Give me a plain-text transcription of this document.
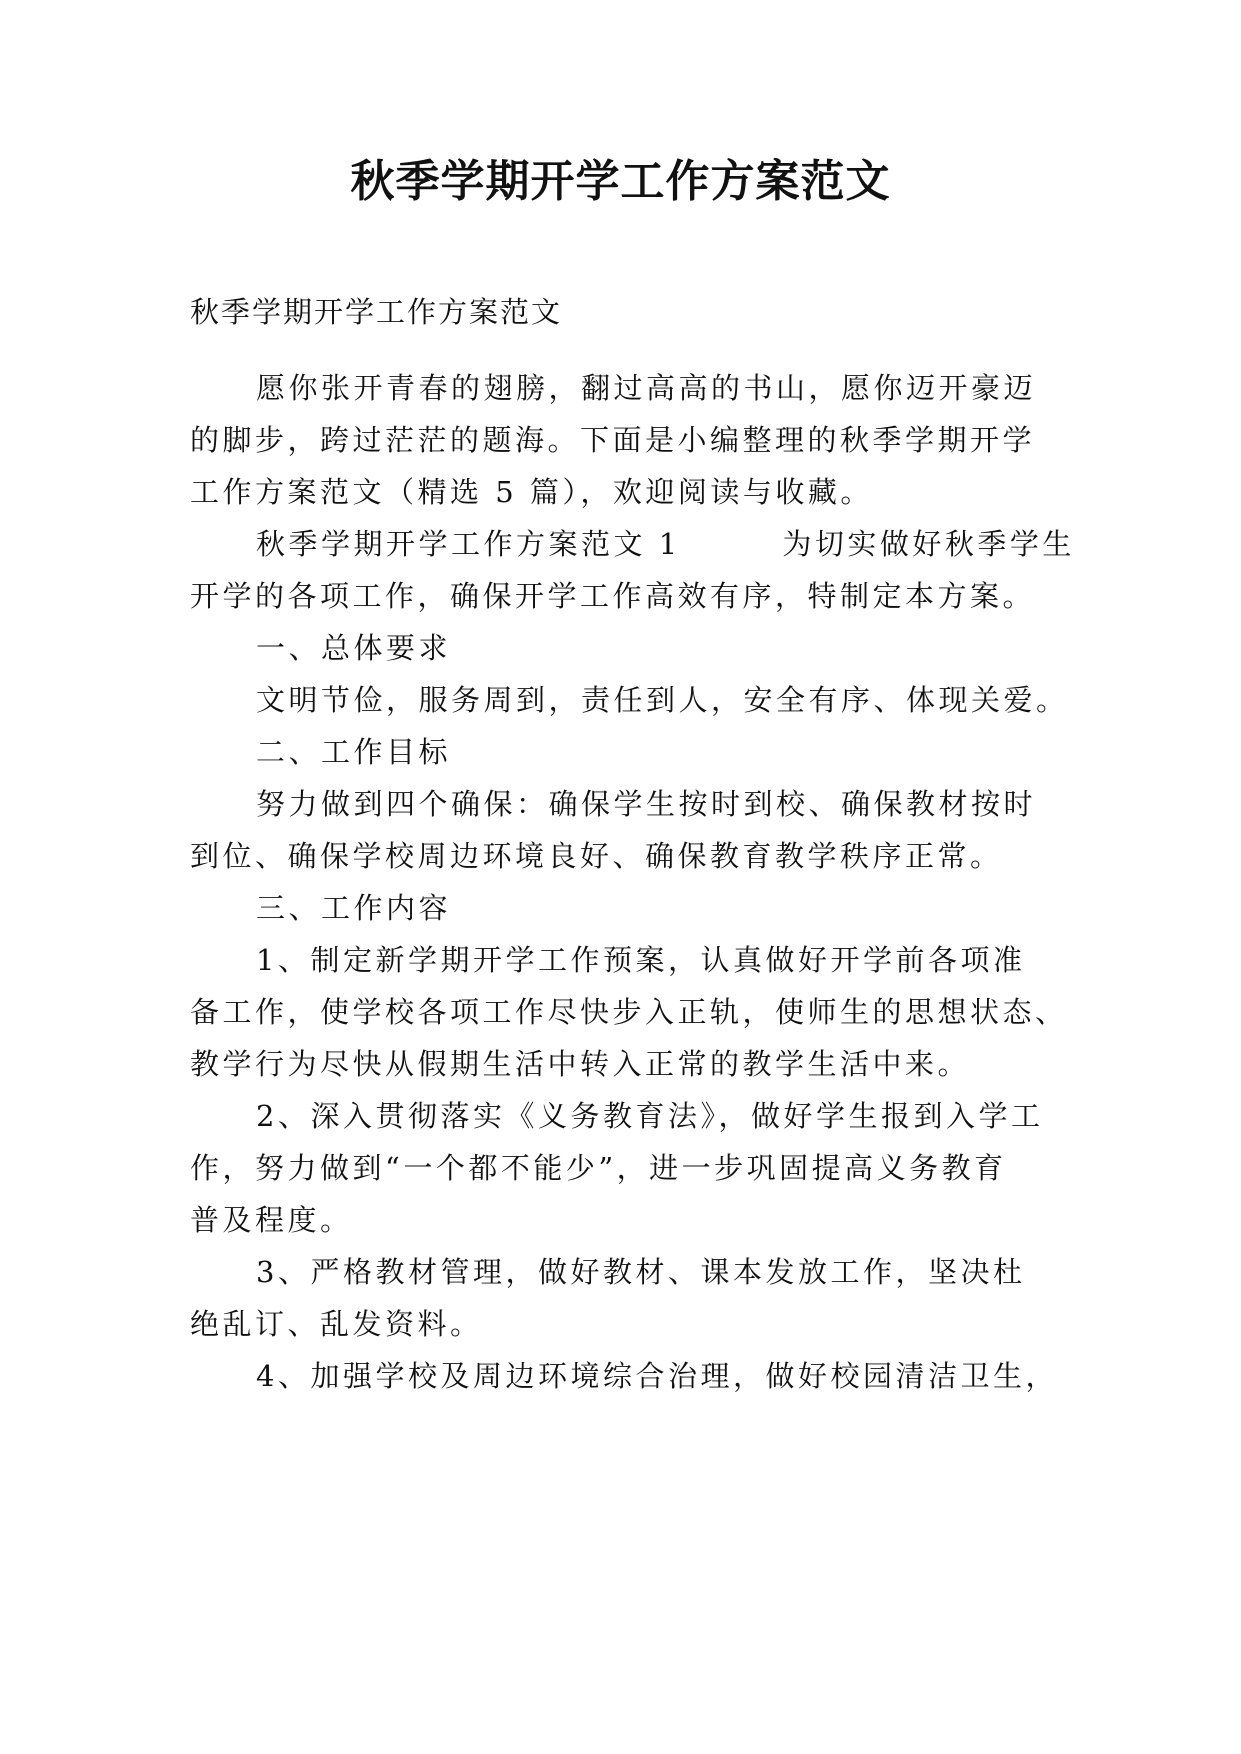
秋季学期开学工作方案范文
秋季学期开学工作方案范文
愿你张开青春的翅膀，翻过高高的书山，愿你迈开豪迈
的脚步，跨过茫茫的题海。下面是小编整理的秋季学期开学
工作方案范文（精选 5 篇），欢迎阅读与收藏。
秋季学期开学工作方案范文 1        为切实做好秋季学生
开学的各项工作，确保开学工作高效有序，特制定本方案。
一、总体要求
文明节俭，服务周到，责任到人，安全有序、体现关爱。
二、工作目标
努力做到四个确保：确保学生按时到校、确保教材按时
到位、确保学校周边环境良好、确保教育教学秩序正常。
三、工作内容
1、制定新学期开学工作预案，认真做好开学前各项准
备工作，使学校各项工作尽快步入正轨，使师生的思想状态、
教学行为尽快从假期生活中转入正常的教学生活中来。
2、深入贯彻落实《义务教育法》，做好学生报到入学工
作，努力做到“一个都不能少”，进一步巩固提高义务教育
普及程度。
3、严格教材管理，做好教材、课本发放工作，坚决杜
绝乱订、乱发资料。
4、加强学校及周边环境综合治理，做好校园清洁卫生，
